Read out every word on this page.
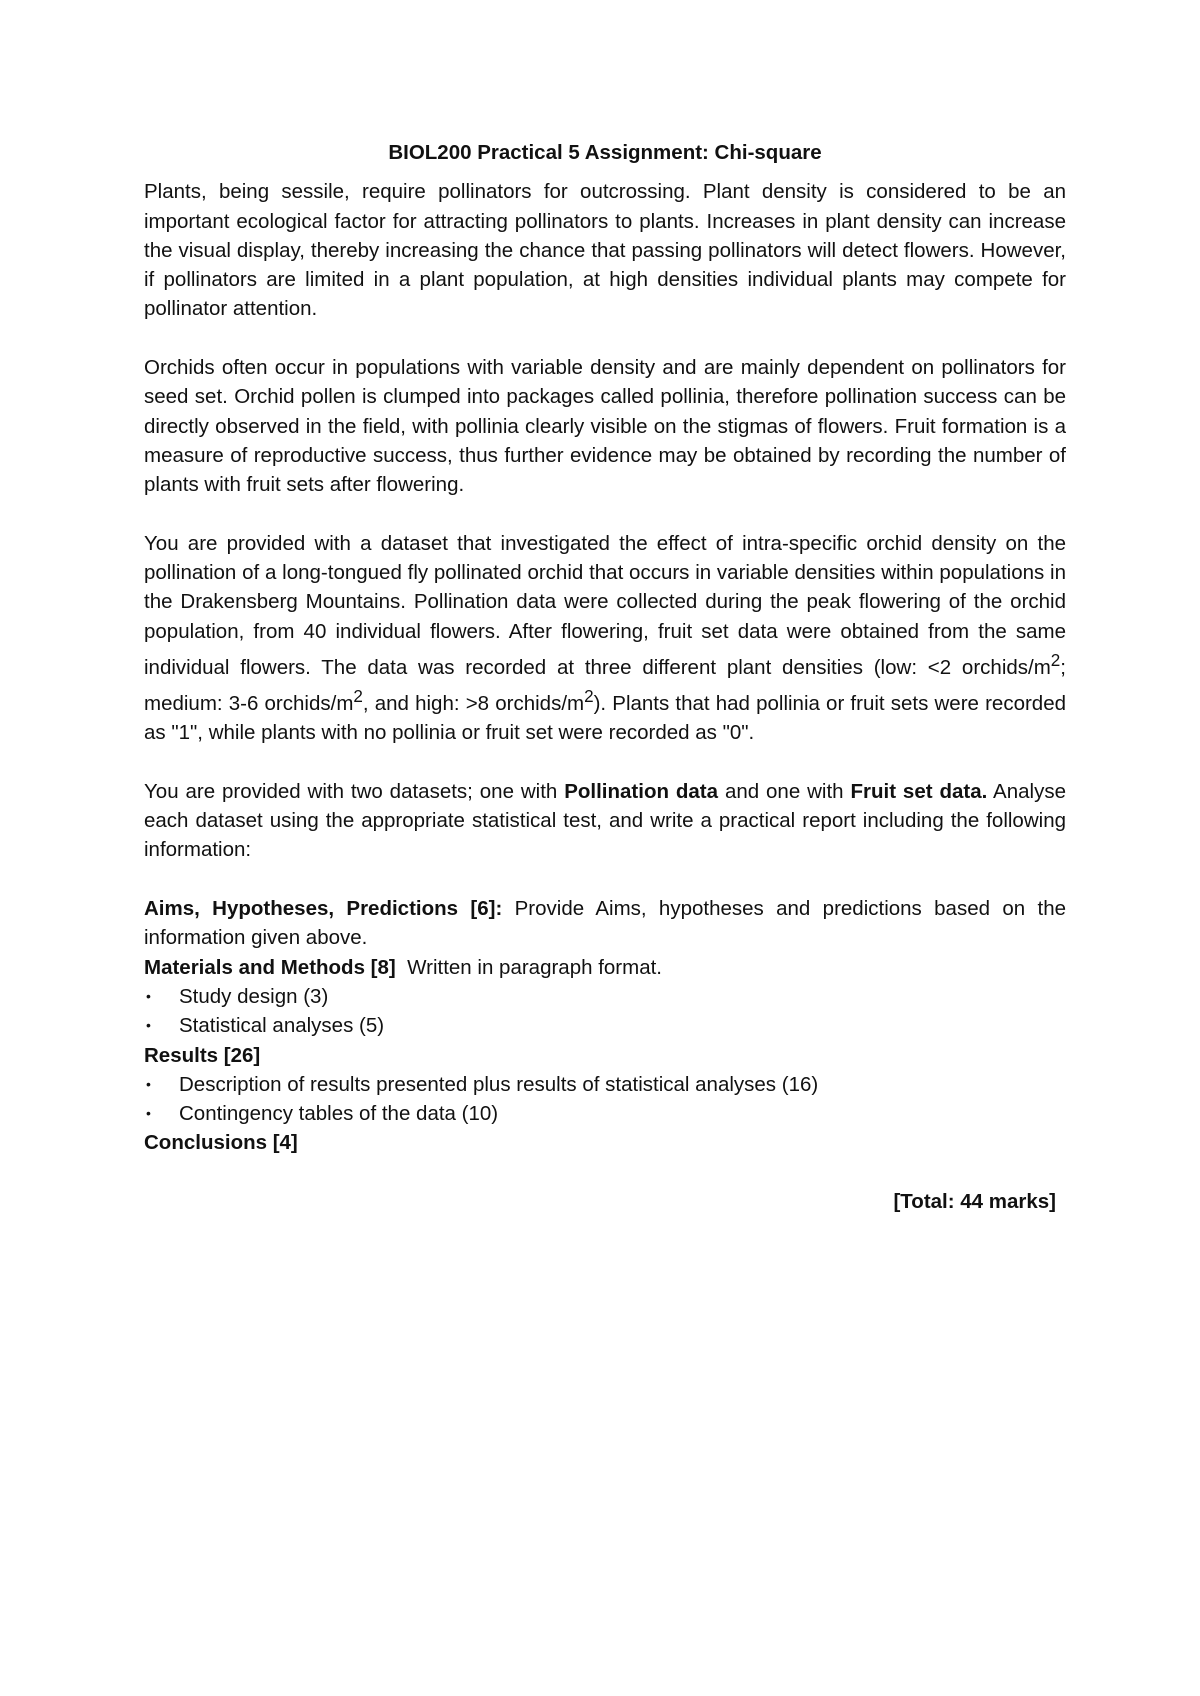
BIOL200 Practical 5 Assignment: Chi-square

Plants, being sessile, require pollinators for outcrossing. Plant density is considered to be an important ecological factor for attracting pollinators to plants. Increases in plant density can increase the visual display, thereby increasing the chance that passing pollinators will detect flowers. However, if pollinators are limited in a plant population, at high densities individual plants may compete for pollinator attention.

Orchids often occur in populations with variable density and are mainly dependent on pollinators for seed set. Orchid pollen is clumped into packages called pollinia, therefore pollination success can be directly observed in the field, with pollinia clearly visible on the stigmas of flowers. Fruit formation is a measure of reproductive success, thus further evidence may be obtained by recording the number of plants with fruit sets after flowering.

You are provided with a dataset that investigated the effect of intra-specific orchid density on the pollination of a long-tongued fly pollinated orchid that occurs in variable densities within populations in the Drakensberg Mountains. Pollination data were collected during the peak flowering of the orchid population, from 40 individual flowers. After flowering, fruit set data were obtained from the same individual flowers. The data was recorded at three different plant densities (low: <2 orchids/$m^2$; medium: 3-6 orchids/$m^2$, and high: >8 orchids/$m^2$). Plants that had pollinia or fruit sets were recorded as "1", while plants with no pollinia or fruit set were recorded as "0".

You are provided with two datasets; one with Pollination data and one with Fruit set data. Analyse each dataset using the appropriate statistical test, and write a practical report including the following information:

Aims, Hypotheses, Predictions [6]: Provide Aims, hypotheses and predictions based on the information given above.
Materials and Methods [8]  Written in paragraph format.
• Study design (3)
• Statistical analyses (5)
Results [26]
• Description of results presented plus results of statistical analyses (16)
• Contingency tables of the data (10)
Conclusions [4]
[Total: 44 marks]
